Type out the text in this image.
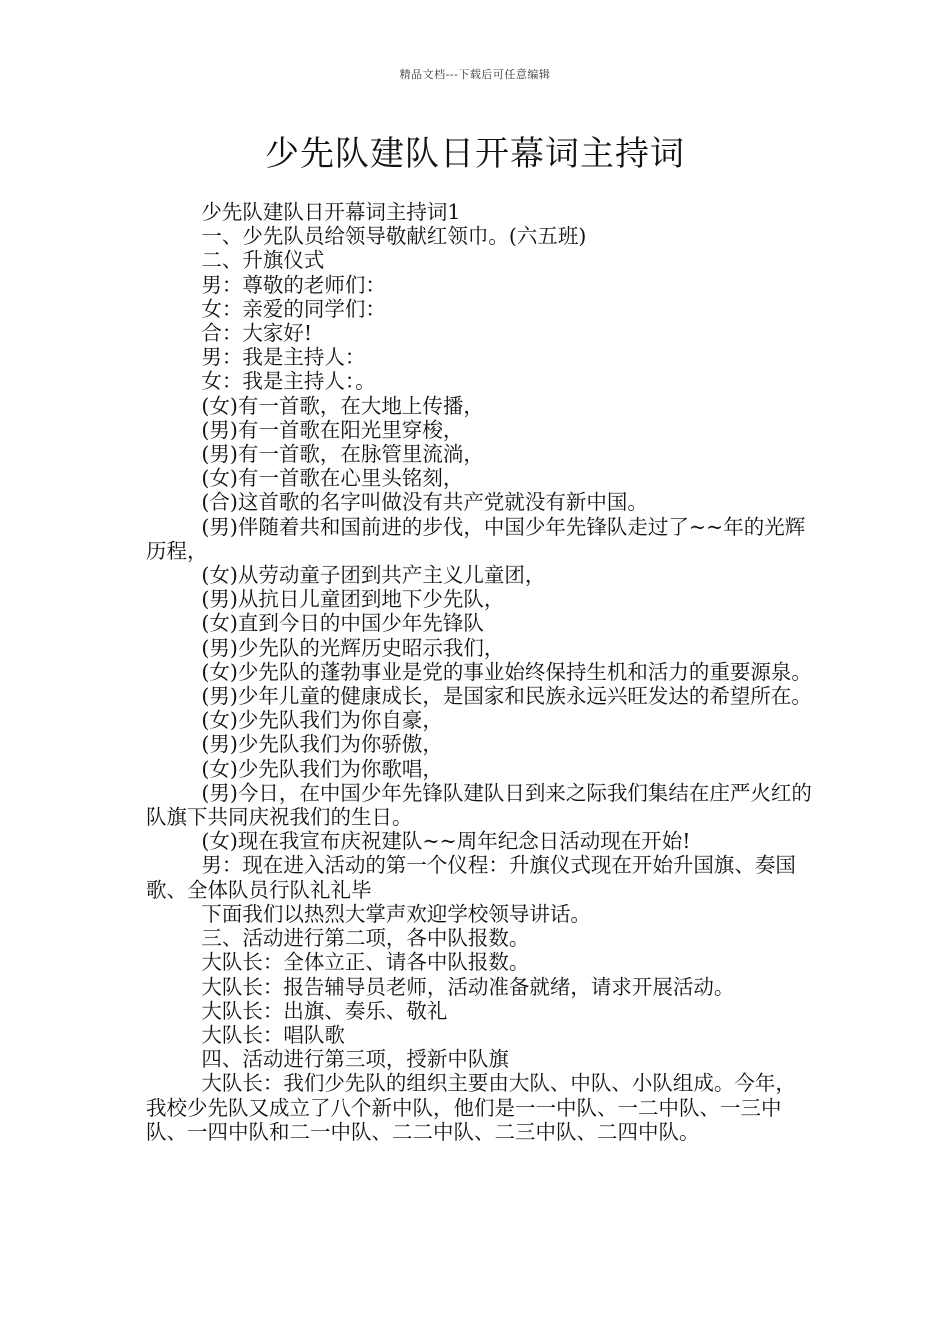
精品文档---下载后可任意编辑
少先队建队日开幕词主持词

少先队建队日开幕词主持词1

一、少先队员给领导敬献红领巾。(六五班)

二、升旗仪式

男：尊敬的老师们：

女：亲爱的同学们：

合：大家好!

男：我是主持人：

女：我是主持人：。

(女)有一首歌，在大地上传播，

(男)有一首歌在阳光里穿梭，

(男)有一首歌，在脉管里流淌，

(女)有一首歌在心里头铭刻，

(合)这首歌的名字叫做没有共产党就没有新中国。

(男)伴随着共和国前进的步伐，中国少年先锋队走过了~~年的光辉历程，

(女)从劳动童子团到共产主义儿童团，

(男)从抗日儿童团到地下少先队，

(女)直到今日的中国少年先锋队

(男)少先队的光辉历史昭示我们，

(女)少先队的蓬勃事业是党的事业始终保持生机和活力的重要源泉。

(男)少年儿童的健康成长，是国家和民族永远兴旺发达的希望所在。

(女)少先队我们为你自豪，

(男)少先队我们为你骄傲，

(女)少先队我们为你歌唱，

(男)今日，在中国少年先锋队建队日到来之际我们集结在庄严火红的队旗下共同庆祝我们的生日。

(女)现在我宣布庆祝建队~~周年纪念日活动现在开始!

男：现在进入活动的第一个仪程：升旗仪式现在开始升国旗、奏国歌、全体队员行队礼礼毕

下面我们以热烈大掌声欢迎学校领导讲话。

三、活动进行第二项，各中队报数。

大队长：全体立正、请各中队报数。

大队长：报告辅导员老师，活动准备就绪，请求开展活动。

大队长：出旗、奏乐、敬礼

大队长：唱队歌

四、活动进行第三项，授新中队旗

大队长：我们少先队的组织主要由大队、中队、小队组成。今年，我校少先队又成立了八个新中队，他们是一一中队、一二中队、一三中队、一四中队和二一中队、二二中队、二三中队、二四中队。
